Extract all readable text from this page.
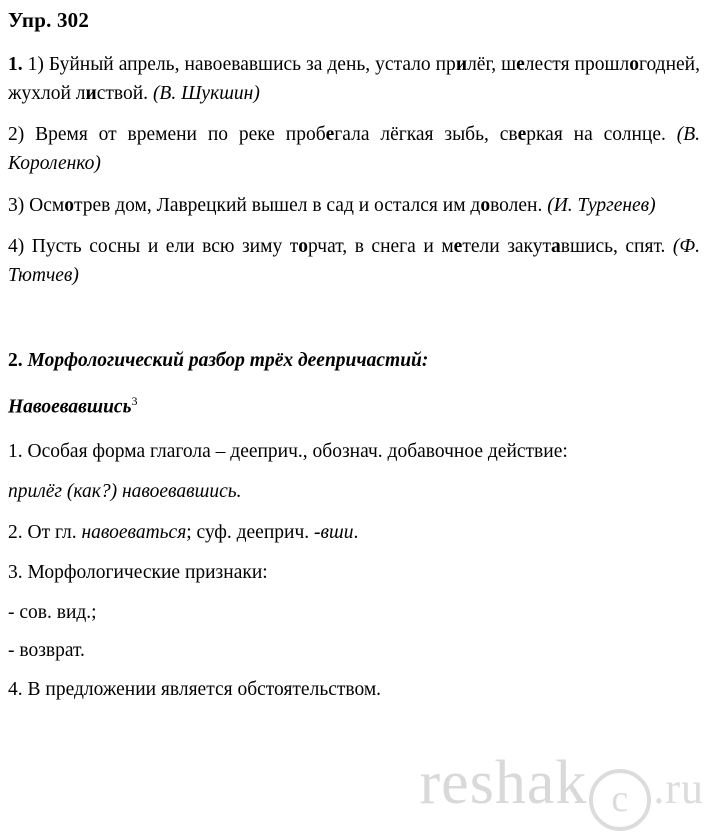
Упр. 302

1. 1) Буйный апрель, навоевавшись за день, устало прилёг, шелестя прошлогодней, жухлой листвой. (В. Шукшин)

2) Время от времени по реке пробегала лёгкая зыбь, сверкая на солнце. (В. Короленко)

3) Осмотрев дом, Лаврецкий вышел в сад и остался им доволен. (И. Тургенев)

4) Пусть сосны и ели всю зиму торчат, в снега и метели закутавшись, спят. (Ф. Тютчев)

2. Морфологический разбор трёх деепричастий:

Навоевавшись$^3$

1. Особая форма глагола – дееприч., обознач. добавочное действие:

прилёг (как?) навоевавшись.

2. От гл. навоеваться; суф. дееприч. -вши.

3. Морфологические признаки:

- сов. вид.;

- возврат.

4. В предложении является обстоятельством.

reshak c .ru
